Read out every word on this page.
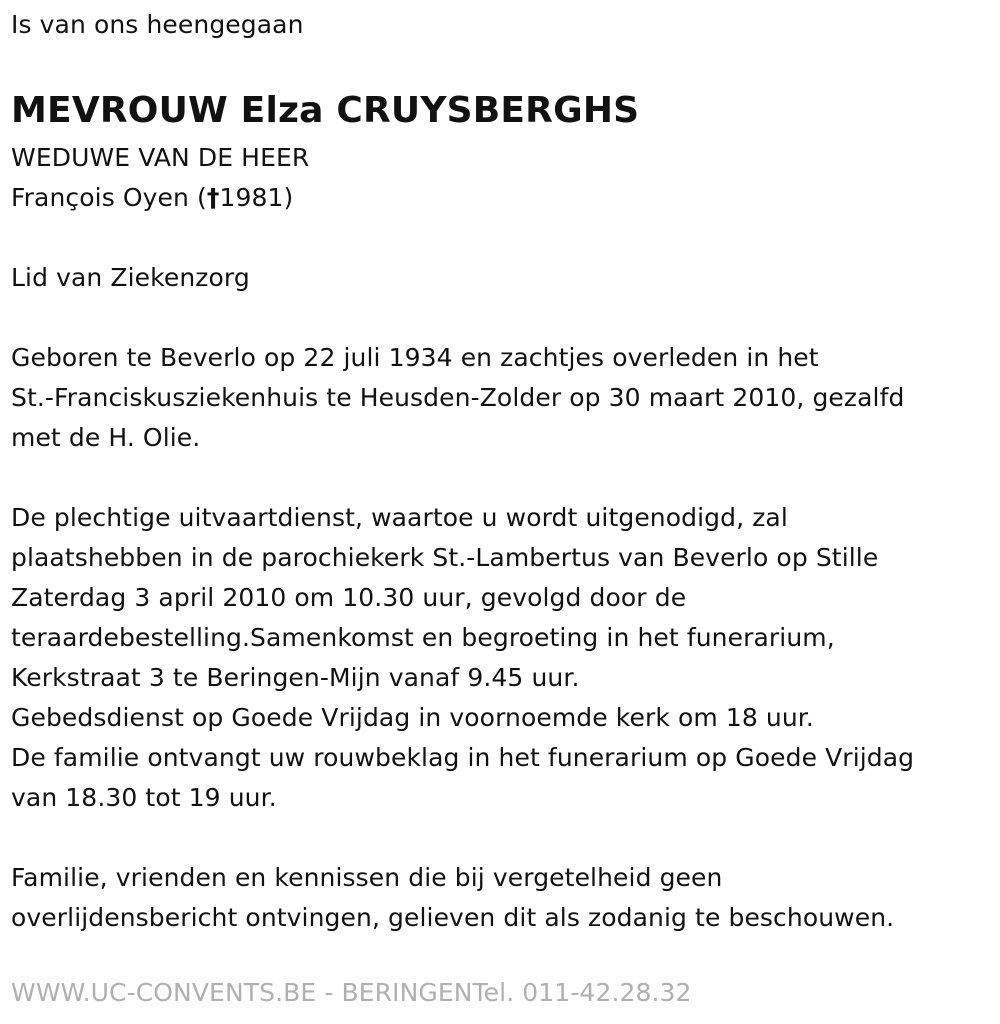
Is van ons heengegaan
MEVROUW Elza CRUYSBERGHS
WEDUWE VAN DE HEER
François Oyen (†1981)
Lid van Ziekenzorg
Geboren te Beverlo op 22 juli 1934 en zachtjes overleden in het
St.-Franciskusziekenhuis te Heusden-Zolder op 30 maart 2010, gezalfd
met de H. Olie.
De plechtige uitvaartdienst, waartoe u wordt uitgenodigd, zal
plaatshebben in de parochiekerk St.-Lambertus van Beverlo op Stille
Zaterdag 3 april 2010 om 10.30 uur, gevolgd door de
teraardebestelling.Samenkomst en begroeting in het funerarium,
Kerkstraat 3 te Beringen-Mijn vanaf 9.45 uur.
Gebedsdienst op Goede Vrijdag in voornoemde kerk om 18 uur.
De familie ontvangt uw rouwbeklag in het funerarium op Goede Vrijdag
van 18.30 tot 19 uur.
Familie, vrienden en kennissen die bij vergetelheid geen
overlijdensbericht ontvingen, gelieven dit als zodanig te beschouwen.
WWW.UC-CONVENTS.BE - BERINGENTel. 011-42.28.32
